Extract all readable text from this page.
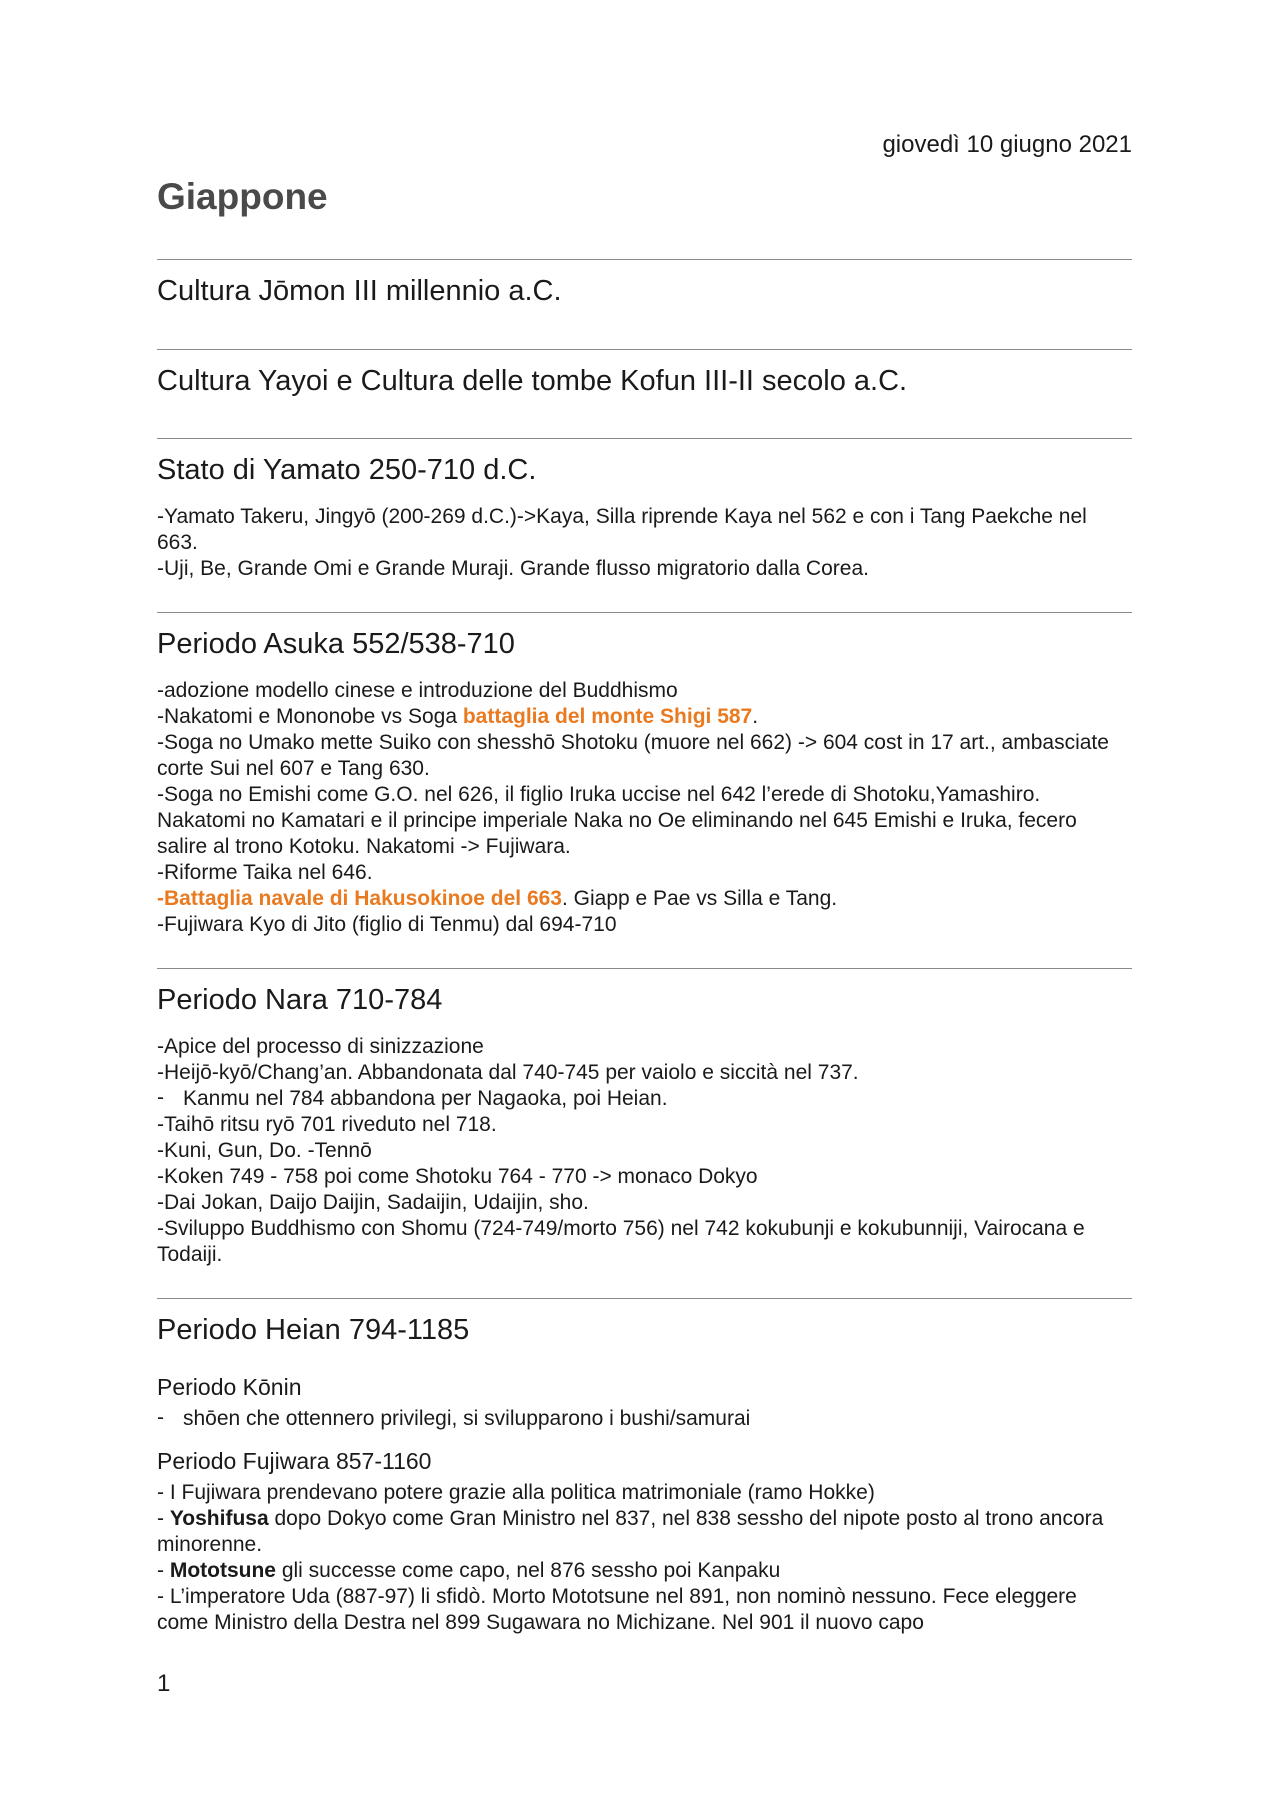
giovedì 10 giugno 2021
Giappone
Cultura Jōmon III millennio a.C.
Cultura Yayoi e Cultura delle tombe Kofun III-II secolo a.C.
Stato di Yamato 250-710 d.C.

-Yamato Takeru, Jingyō (200-269 d.C.)->Kaya, Silla riprende Kaya nel 562 e con i Tang Paekche nel 663.

-Uji, Be, Grande Omi e Grande Muraji. Grande flusso migratorio dalla Corea.

Periodo Asuka 552/538-710

-adozione modello cinese e introduzione del Buddhismo

-Nakatomi e Mononobe vs Soga battaglia del monte Shigi 587.

-Soga no Umako mette Suiko con shesshō Shotoku (muore nel 662) -> 604 cost in 17 art., ambasciate corte Sui nel 607 e Tang 630.

-Soga no Emishi come G.O. nel 626, il figlio Iruka uccise nel 642 l’erede di Shotoku,Yamashiro. Nakatomi no Kamatari e il principe imperiale Naka no Oe eliminando nel 645 Emishi e Iruka, fecero salire al trono Kotoku. Nakatomi -> Fujiwara.

-Riforme Taika nel 646.

-Battaglia navale di Hakusokinoe del 663. Giapp e Pae vs Silla e Tang.

-Fujiwara Kyo di Jito (figlio di Tenmu) dal 694-710

Periodo Nara 710-784

-Apice del processo di sinizzazione

-Heijō-kyō/Chang’an. Abbandonata dal 740-745 per vaiolo e siccità nel 737.

- Kanmu nel 784 abbandona per Nagaoka, poi Heian.

-Taihō ritsu ryō 701 riveduto nel 718.

-Kuni, Gun, Do. -Tennō

-Koken 749 - 758 poi come Shotoku 764 - 770 -> monaco Dokyo

-Dai Jokan, Daijo Daijin, Sadaijin, Udaijin, sho.

-Sviluppo Buddhismo con Shomu (724-749/morto 756) nel 742 kokubunji e kokubunniji, Vairocana e Todaiji.

Periodo Heian 794-1185
Periodo Kōnin

- shōen che ottennero privilegi, si svilupparono i bushi/samurai

Periodo Fujiwara 857-1160

- I Fujiwara prendevano potere grazie alla politica matrimoniale (ramo Hokke)

- Yoshifusa dopo Dokyo come Gran Ministro nel 837, nel 838 sessho del nipote posto al trono ancora minorenne.

- Mototsune gli successe come capo, nel 876 sessho poi Kanpaku

- L’imperatore Uda (887-97) li sfidò. Morto Mototsune nel 891, non nominò nessuno. Fece eleggere come Ministro della Destra nel 899 Sugawara no Michizane. Nel 901 il nuovo capo

1
